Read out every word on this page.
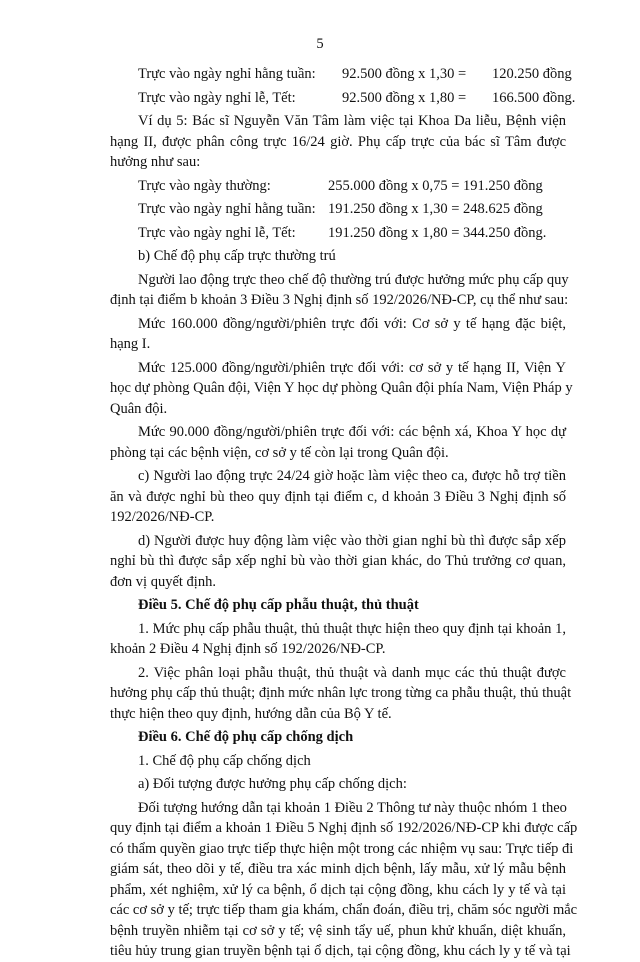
5
Trực vào ngày nghỉ hằng tuần: 92.500 đồng x 1,30 = 120.250 đồng
Trực vào ngày nghỉ lễ, Tết:	92.500 đồng x 1,80 = 166.500 đồng.
Ví dụ 5: Bác sĩ Nguyễn Văn Tâm làm việc tại Khoa Da liễu, Bệnh viện
hạng II, được phân công trực 16/24 giờ. Phụ cấp trực của bác sĩ Tâm được
hưởng như sau:
Trực vào ngày thường:	255.000 đồng x 0,75 = 191.250 đồng
Trực vào ngày nghỉ hằng tuần: 191.250 đồng x 1,30 = 248.625 đồng
Trực vào ngày nghỉ lễ, Tết: 191.250 đồng x 1,80 = 344.250 đồng.
b) Chế độ phụ cấp trực thường trú
Người lao động trực theo chế độ thường trú được hưởng mức phụ cấp quy
định tại điểm b khoản 3 Điều 3 Nghị định số 192/2026/NĐ-CP, cụ thể như sau:
Mức 160.000 đồng/người/phiên trực đối với: Cơ sở y tế hạng đặc biệt,
hạng I.
Mức 125.000 đồng/người/phiên trực đối với: cơ sở y tế hạng II, Viện Y
học dự phòng Quân đội, Viện Y học dự phòng Quân đội phía Nam, Viện Pháp y
Quân đội.
Mức 90.000 đồng/người/phiên trực đối với: các bệnh xá, Khoa Y học dự
phòng tại các bệnh viện, cơ sở y tế còn lại trong Quân đội.
c) Người lao động trực 24/24 giờ hoặc làm việc theo ca, được hỗ trợ tiền
ăn và được nghỉ bù theo quy định tại điểm c, d khoản 3 Điều 3 Nghị định số
192/2026/NĐ-CP.
d) Người được huy động làm việc vào thời gian nghỉ bù thì được sắp xếp
nghỉ bù thì được sắp xếp nghỉ bù vào thời gian khác, do Thủ trưởng cơ quan,
đơn vị quyết định.
Điều 5. Chế độ phụ cấp phẫu thuật, thủ thuật
1. Mức phụ cấp phẫu thuật, thủ thuật thực hiện theo quy định tại khoản 1,
khoản 2 Điều 4 Nghị định số 192/2026/NĐ-CP.
2. Việc phân loại phẫu thuật, thủ thuật và danh mục các thủ thuật được
hưởng phụ cấp thủ thuật; định mức nhân lực trong từng ca phẫu thuật, thủ thuật
thực hiện theo quy định, hướng dẫn của Bộ Y tế.
Điều 6. Chế độ phụ cấp chống dịch
1. Chế độ phụ cấp chống dịch
a) Đối tượng được hưởng phụ cấp chống dịch:
Đối tượng hướng dẫn tại khoản 1 Điều 2 Thông tư này thuộc nhóm 1 theo
quy định tại điểm a khoản 1 Điều 5 Nghị định số 192/2026/NĐ-CP khi được cấp
có thẩm quyền giao trực tiếp thực hiện một trong các nhiệm vụ sau: Trực tiếp đi
giám sát, theo dõi y tế, điều tra xác minh dịch bệnh, lấy mẫu, xử lý mẫu bệnh
phẩm, xét nghiệm, xử lý ca bệnh, ổ dịch tại cộng đồng, khu cách ly y tế và tại
các cơ sở y tế; trực tiếp tham gia khám, chẩn đoán, điều trị, chăm sóc người mắc
bệnh truyền nhiễm tại cơ sở y tế; vệ sinh tẩy uế, phun khử khuẩn, diệt khuẩn,
tiêu hủy trung gian truyền bệnh tại ổ dịch, tại cộng đồng, khu cách ly y tế và tại
